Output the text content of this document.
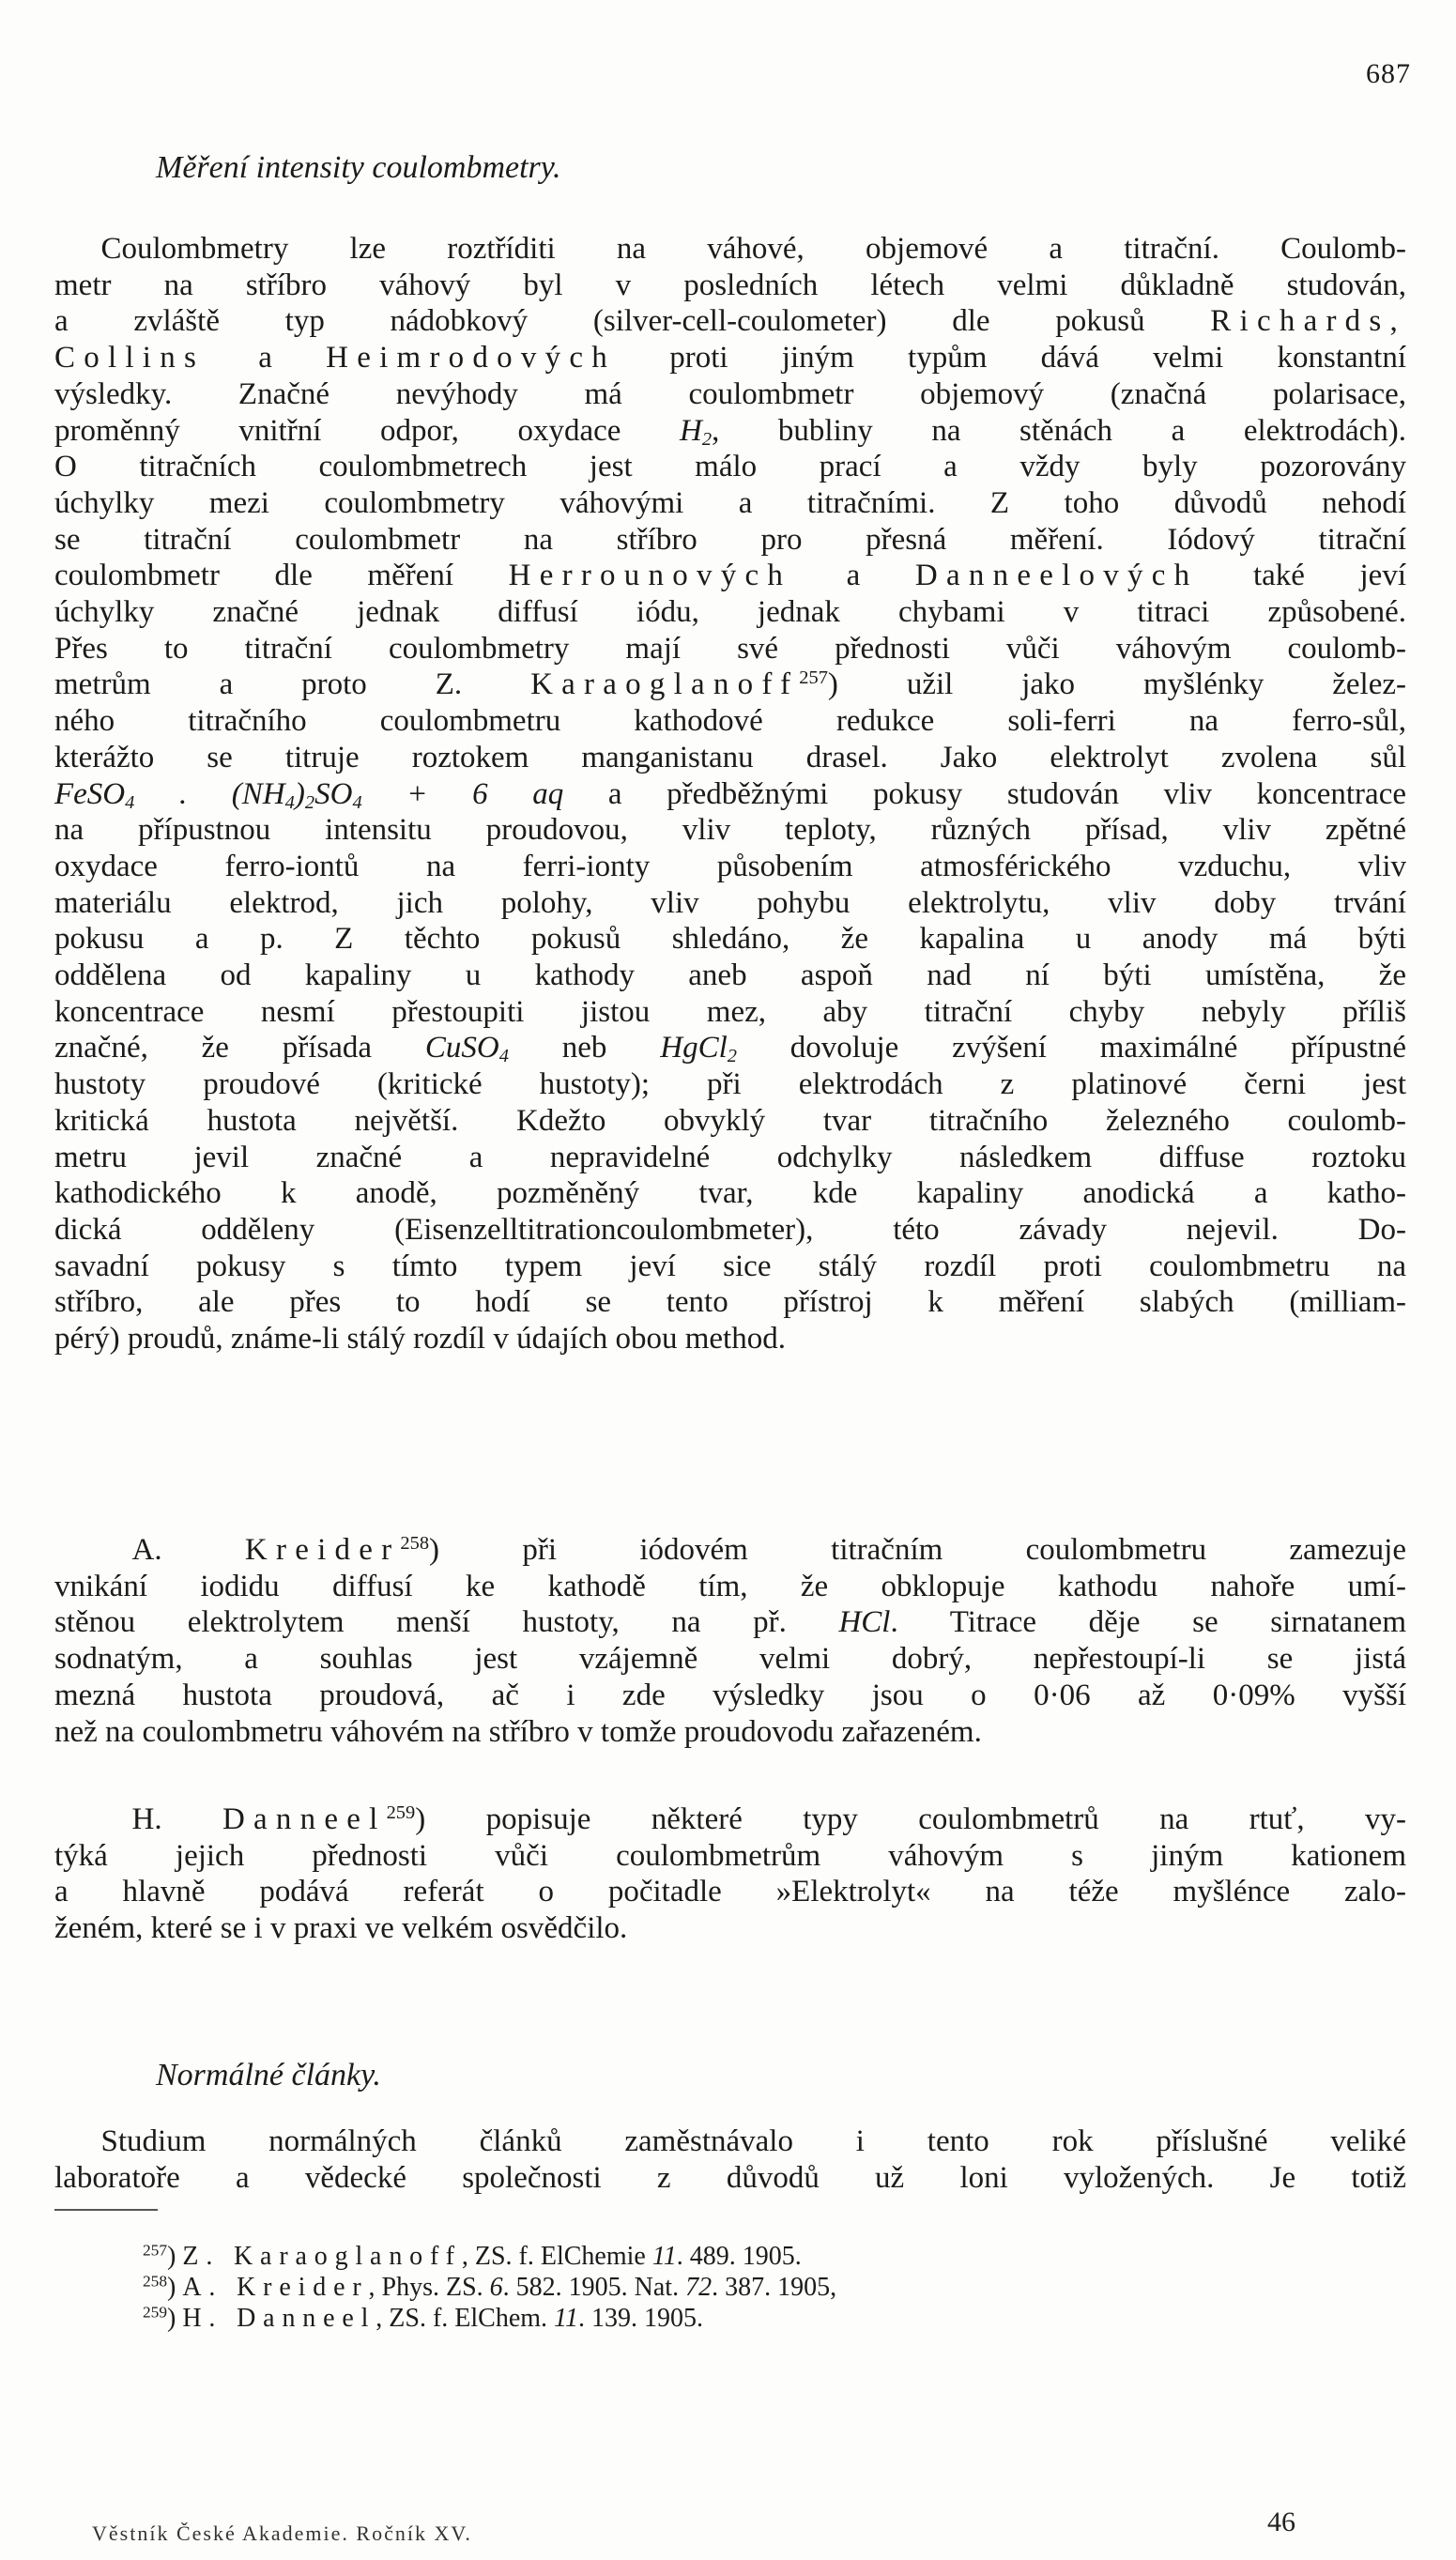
687
Měření intensity coulombmetry.
  Coulombmetry lze roztříditi na váhové, objemové a titrační. Coulomb-
metr na stříbro váhový byl v posledních létech velmi důkladně studován,
a zvláště typ nádobkový (silver-cell-coulometer) dle pokusů Richards,
Collins a Heimrodových proti jiným typům dává velmi konstantní
výsledky. Značné nevýhody má coulombmetr objemový (značná polarisace,
proměnný vnitřní odpor, oxydace $H_2$, bubliny na stěnách a elektrodách).
O titračních coulombmetrech jest málo prací a vždy byly pozorovány
úchylky mezi coulombmetry váhovými a titračními. Z toho důvodů nehodí
se titrační coulombmetr na stříbro pro přesná měření. Iódový titrační
coulombmetr dle měření Herrounových a Danneelových také jeví
úchylky značné jednak diffusí iódu, jednak chybami v titraci způsobené.
Přes to titrační coulombmetry mají své přednosti vůči váhovým coulomb-
metrům a proto Z. Karaoglanoff$^{257}$) užil jako myšlénky želez-
ného titračního coulombmetru kathodové redukce soli-ferri na ferro-sůl,
kterážto se titruje roztokem manganistanu drasel. Jako elektrolyt zvolena sůl
FeSO$_4$ . $(NH_4)_2SO_4 + 6$ aq a předběžnými pokusy studován vliv koncentrace
na přípustnou intensitu proudovou, vliv teploty, různých přísad, vliv zpětné
oxydace ferro-iontů na ferri-ionty působením atmosférického vzduchu, vliv
materiálu elektrod, jich polohy, vliv pohybu elektrolytu, vliv doby trvání
pokusu a p. Z těchto pokusů shledáno, že kapalina u anody má býti
oddělena od kapaliny u kathody aneb aspoň nad ní býti umístěna, že
koncentrace nesmí přestoupiti jistou mez, aby titrační chyby nebyly příliš
značné, že přísada CuSO$_4$ neb HgCl$_2$ dovoluje zvýšení maximálné přípustné
hustoty proudové (kritické hustoty); při elektrodách z platinové černi jest
kritická hustota největší. Kdežto obvyklý tvar titračního železného coulomb-
metru jevil značné a nepravidelné odchylky následkem diffuse roztoku
kathodického k anodě, pozměněný tvar, kde kapaliny anodická a katho-
dická odděleny (Eisenzelltitrationcoulombmeter), této závady nejevil. Do-
savadní pokusy s tímto typem jeví sice stálý rozdíl proti coulombmetru na
stříbro, ale přes to hodí se tento přístroj k měření slabých (milliam-
pérý) proudů, známe-li stálý rozdíl v údajích obou method.
   A. Kreider$^{258}$) při iódovém titračním coulombmetru zamezuje
vnikání iodidu diffusí ke kathodě tím, že obklopuje kathodu nahoře umí-
stěnou elektrolytem menší hustoty, na př. HCl. Titrace děje se sirnatanem
sodnatým, a souhlas jest vzájemně velmi dobrý, nepřestoupí-li se jistá
mezná hustota proudová, ač i zde výsledky jsou o 0·06 až 0·09% vyšší
než na coulombmetru váhovém na stříbro v tomže proudovodu zařazeném.
   H. Danneel$^{259}$) popisuje některé typy coulombmetrů na rtuť, vy-
týká jejich přednosti vůči coulombmetrům váhovým s jiným kationem
a hlavně podává referát o počitadle »Elektrolyt« na téže myšlénce zalo-
ženém, které se i v praxi ve velkém osvědčilo.
Normálné články.
  Studium normálných článků zaměstnávalo i tento rok příslušné veliké
laboratoře a vědecké společnosti z důvodů už loni vyložených. Je totiž
$^{257}$) Z. Karaoglanoff, ZS. f. ElChemie 11. 489. 1905.
$^{258}$) A. Kreider, Phys. ZS. 6. 582. 1905. Nat. 72. 387. 1905,
$^{259}$) H. Danneel, ZS. f. ElChem. 11. 139. 1905.
Věstník České Akademie. Ročník XV.	46
